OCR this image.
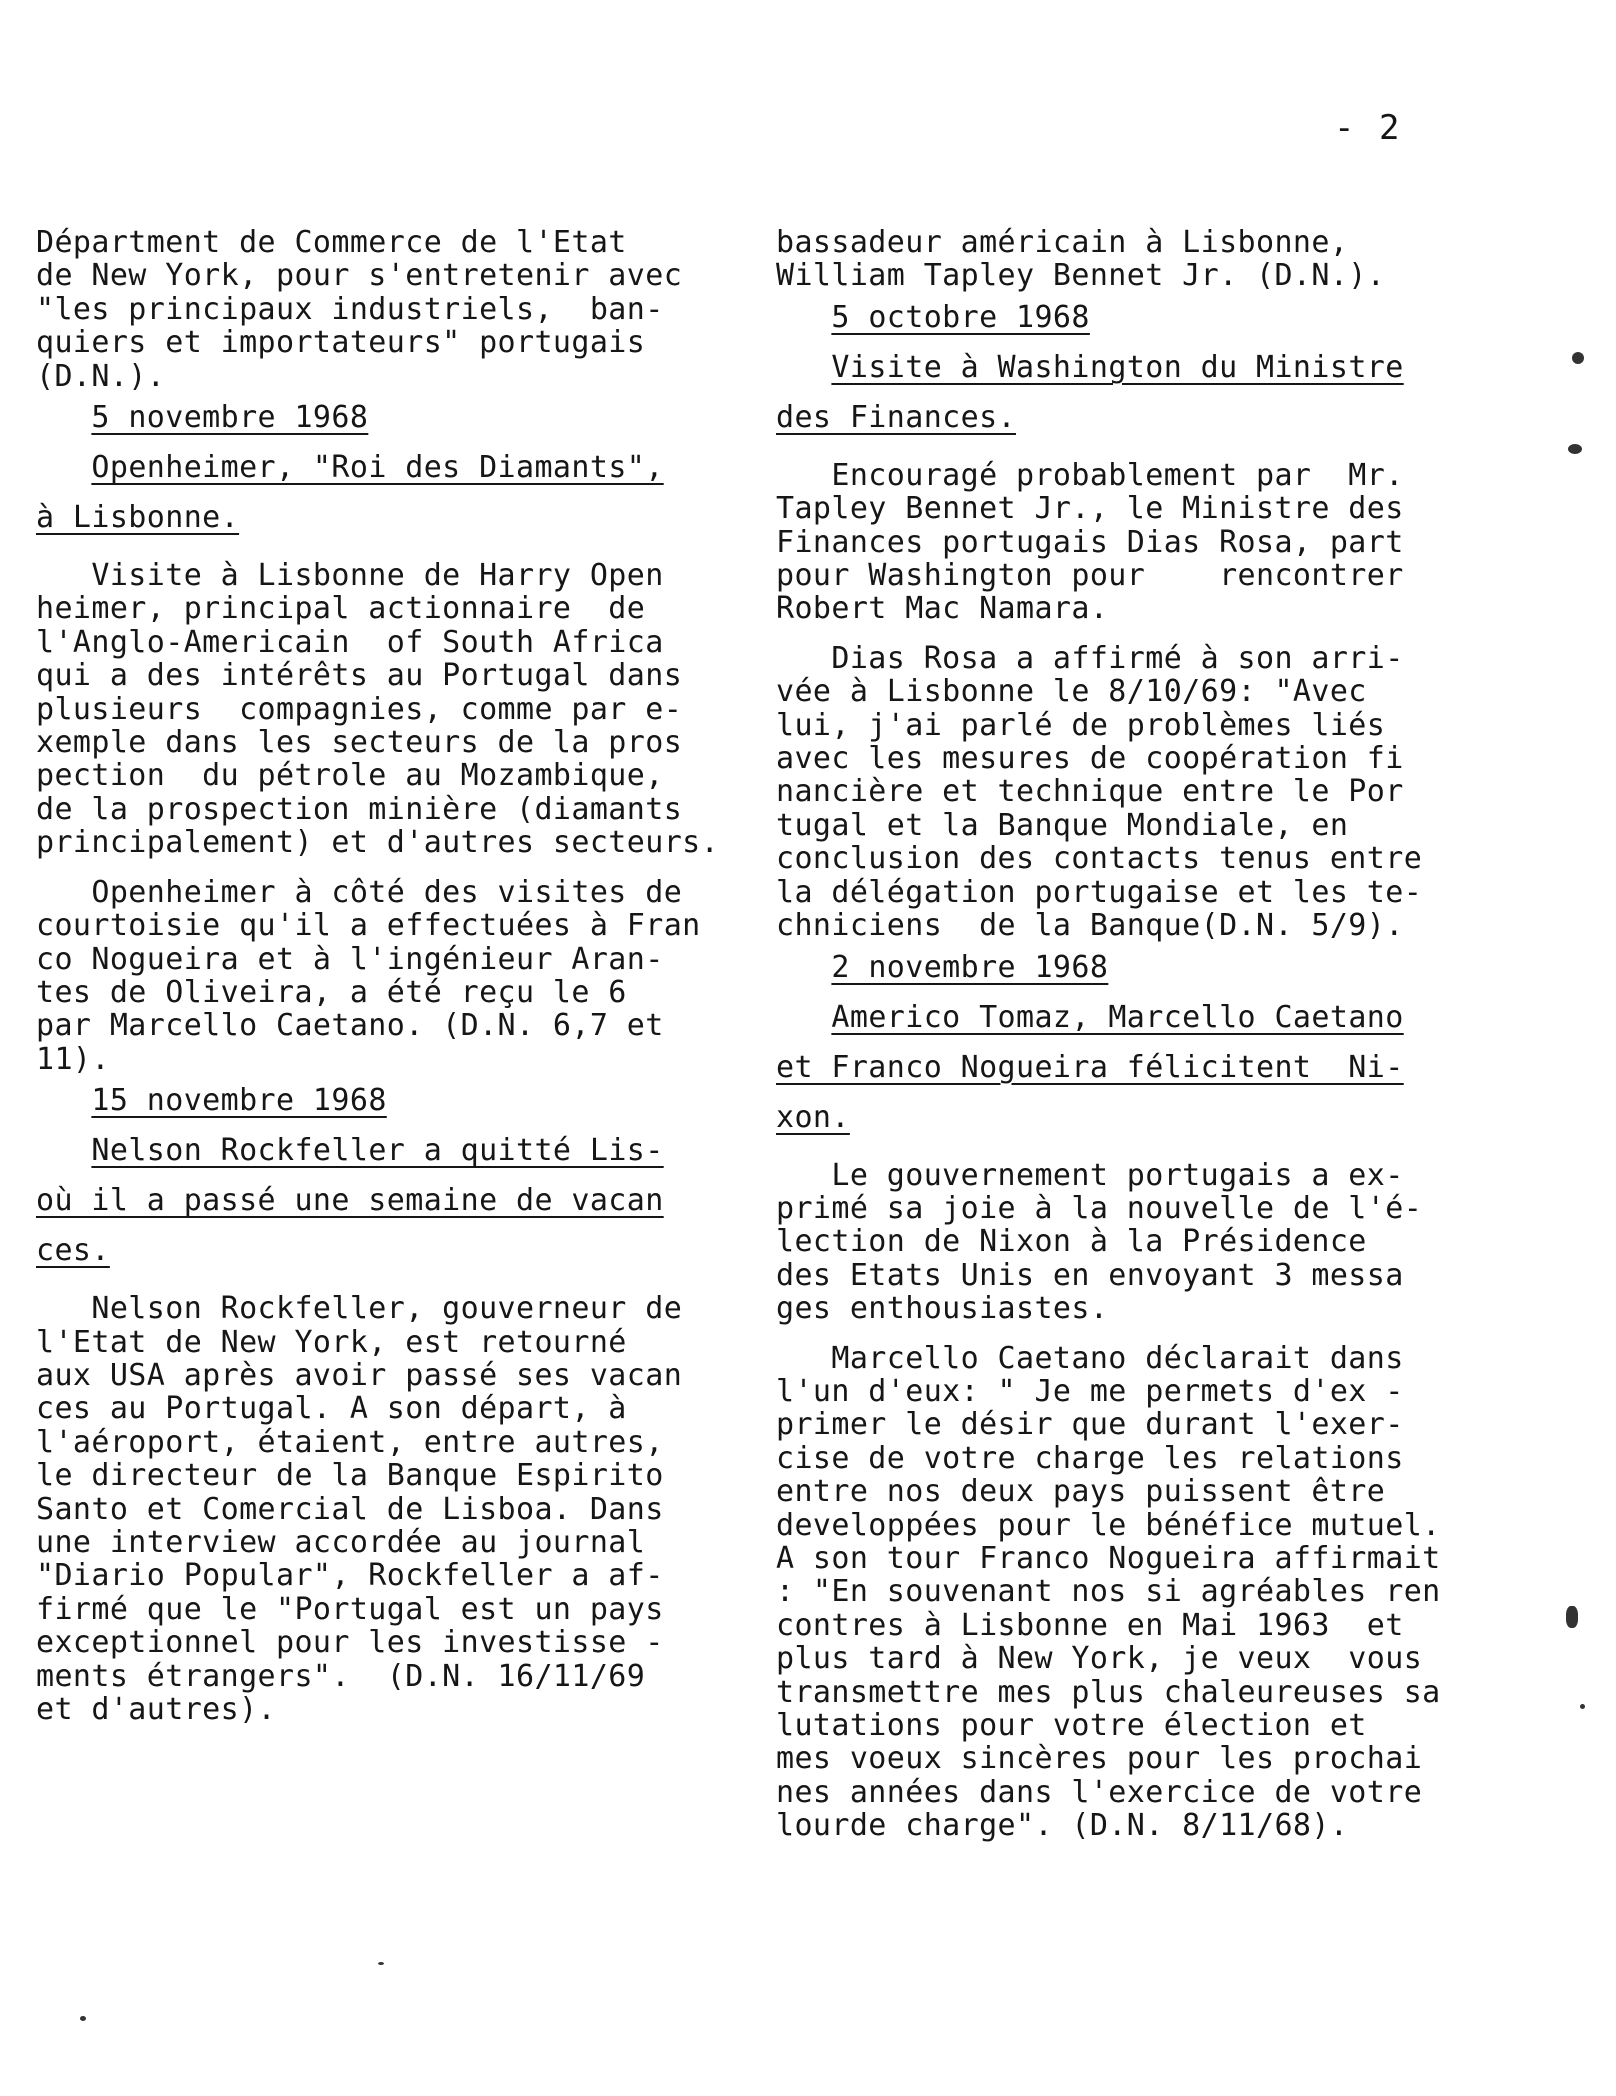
- 2
Départment de Commerce de l'Etat
de New York, pour s'entretenir avec
"les principaux industriels,  ban-
quiers et importateurs" portugais
(D.N.).
5 novembre 1968
Openheimer, "Roi des Diamants",
à Lisbonne.
Visite à Lisbonne de Harry Open
heimer, principal actionnaire  de
l'Anglo-Americain  of South Africa
qui a des intérêts au Portugal dans
plusieurs  compagnies, comme par e-
xemple dans les secteurs de la pros
pection  du pétrole au Mozambique,
de la prospection minière (diamants
principalement) et d'autres secteurs.
Openheimer à côté des visites de
courtoisie qu'il a effectuées à Fran
co Nogueira et à l'ingénieur Aran-
tes de Oliveira, a été reçu le 6
par Marcello Caetano. (D.N. 6,7 et
11).
15 novembre 1968
Nelson Rockfeller a quitté Lis-
où il a passé une semaine de vacan
ces.
Nelson Rockfeller, gouverneur de
l'Etat de New York, est retourné
aux USA après avoir passé ses vacan
ces au Portugal. A son départ, à
l'aéroport, étaient, entre autres,
le directeur de la Banque Espirito
Santo et Comercial de Lisboa. Dans
une interview accordée au journal
"Diario Popular", Rockfeller a af-
firmé que le "Portugal est un pays
exceptionnel pour les investisse -
ments étrangers".  (D.N. 16/11/69
et d'autres).
bassadeur américain à Lisbonne,
William Tapley Bennet Jr. (D.N.).
5 octobre 1968
Visite à Washington du Ministre
des Finances.
Encouragé probablement par  Mr.
Tapley Bennet Jr., le Ministre des
Finances portugais Dias Rosa, part
pour Washington pour    rencontrer
Robert Mac Namara.
Dias Rosa a affirmé à son arri-
vée à Lisbonne le 8/10/69: "Avec
lui, j'ai parlé de problèmes liés
avec les mesures de coopération fi
nancière et technique entre le Por
tugal et la Banque Mondiale, en
conclusion des contacts tenus entre
la délégation portugaise et les te-
chniciens  de la Banque(D.N. 5/9).
2 novembre 1968
Americo Tomaz, Marcello Caetano
et Franco Nogueira félicitent  Ni-
xon.
Le gouvernement portugais a ex-
primé sa joie à la nouvelle de l'é-
lection de Nixon à la Présidence
des Etats Unis en envoyant 3 messa
ges enthousiastes.
Marcello Caetano déclarait dans
l'un d'eux: " Je me permets d'ex -
primer le désir que durant l'exer-
cise de votre charge les relations
entre nos deux pays puissent être
developpées pour le bénéfice mutuel.
A son tour Franco Nogueira affirmait
: "En souvenant nos si agréables ren
contres à Lisbonne en Mai 1963  et
plus tard à New York, je veux  vous
transmettre mes plus chaleureuses sa
lutations pour votre élection et
mes voeux sincères pour les prochai
nes années dans l'exercice de votre
lourde charge". (D.N. 8/11/68).
